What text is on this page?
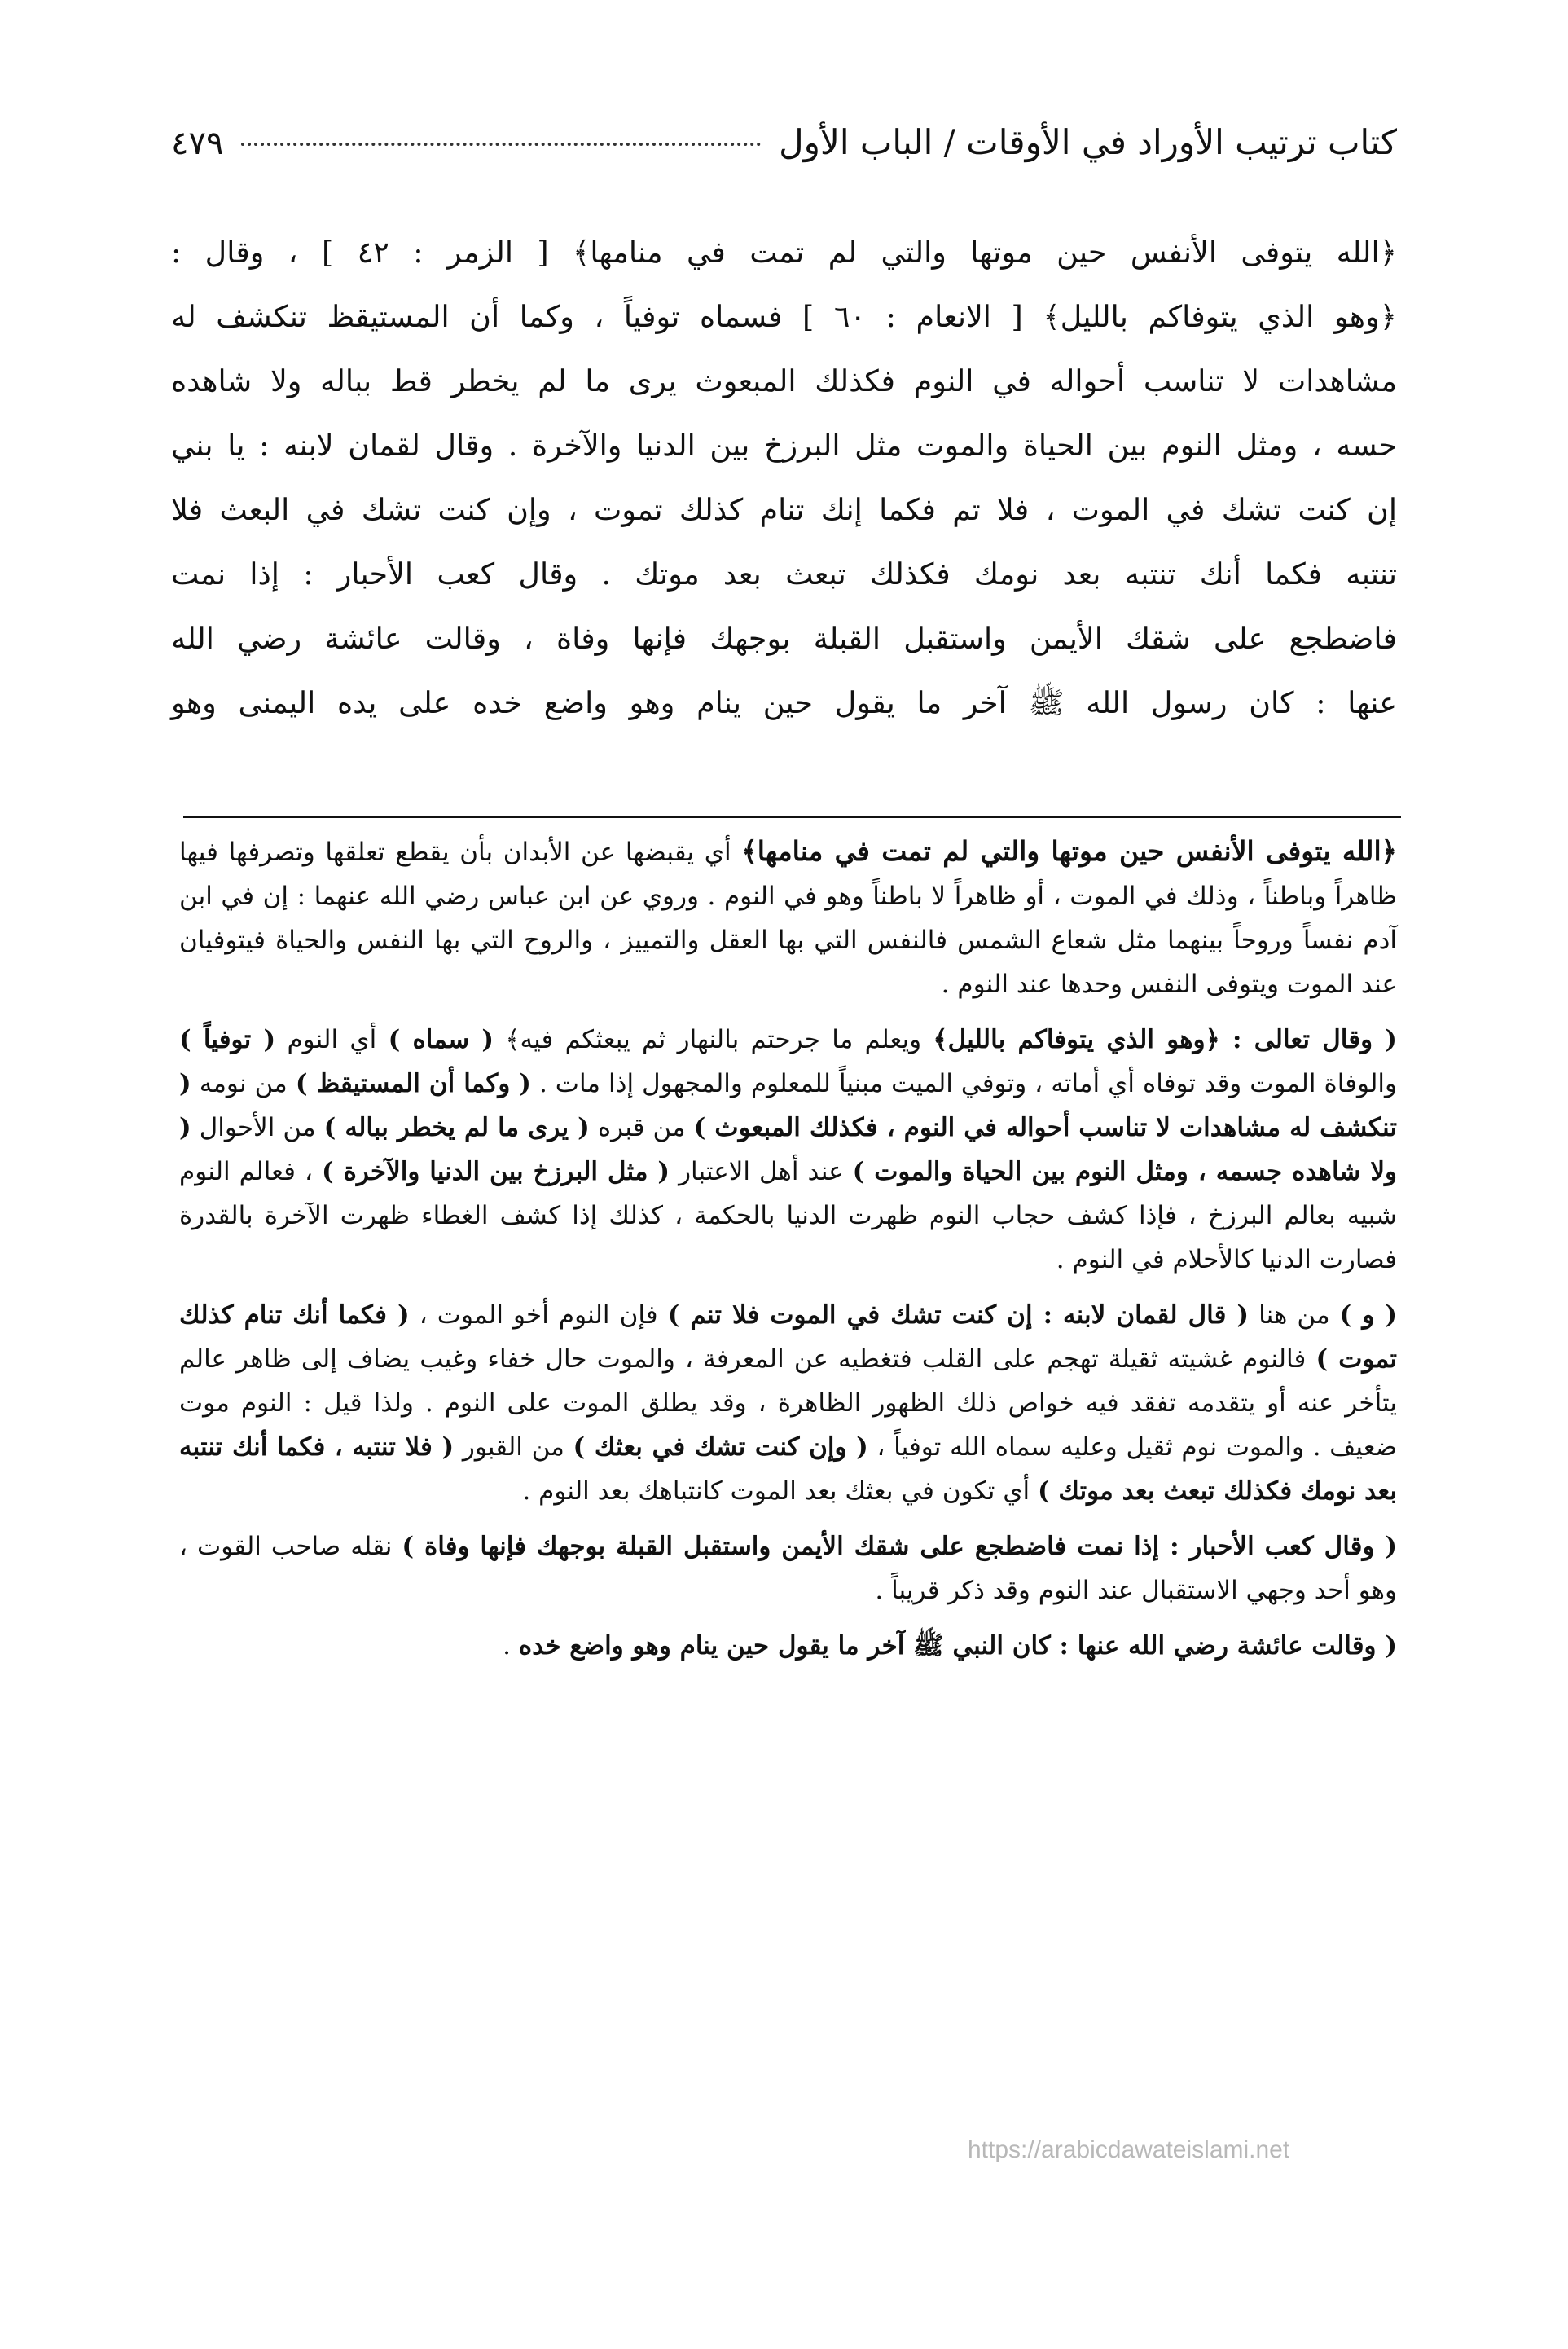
كتاب ترتيب الأوراد في الأوقات / الباب الأول
٤٧٩

﴿الله يتوفى الأنفس حين موتها والتي لم تمت في منامها﴾ [ الزمر : ٤٢ ] ، وقال :

﴿وهو الذي يتوفاكم بالليل﴾ [ الانعام : ٦٠ ] فسماه توفياً ، وكما أن المستيقظ تنكشف له

مشاهدات لا تناسب أحواله في النوم فكذلك المبعوث يرى ما لم يخطر قط بباله ولا شاهده

حسه ، ومثل النوم بين الحياة والموت مثل البرزخ بين الدنيا والآخرة . وقال لقمان لابنه : يا بني

إن كنت تشك في الموت ، فلا تم فكما إنك تنام كذلك تموت ، وإن كنت تشك في البعث فلا

تنتبه فكما أنك تنتبه بعد نومك فكذلك تبعث بعد موتك . وقال كعب الأحبار : إذا نمت

فاضطجع على شقك الأيمن واستقبل القبلة بوجهك فإنها وفاة ، وقالت عائشة رضي الله

عنها : كان رسول الله ﷺ آخر ما يقول حين ينام وهو واضع خده على يده اليمنى وهو

﴿الله يتوفى الأنفس حين موتها والتي لم تمت في منامها﴾ أي يقبضها عن الأبدان بأن يقطع تعلقها وتصرفها فيها ظاهراً وباطناً ، وذلك في الموت ، أو ظاهراً لا باطناً وهو في النوم . وروي عن ابن عباس رضي الله عنهما : إن في ابن آدم نفساً وروحاً بينهما مثل شعاع الشمس فالنفس التي بها العقل والتمييز ، والروح التي بها النفس والحياة فيتوفيان عند الموت ويتوفى النفس وحدها عند النوم .

( وقال تعالى : ﴿وهو الذي يتوفاكم بالليل﴾ ويعلم ما جرحتم بالنهار ثم يبعثكم فيه﴾ ( سماه ) أي النوم ( توفياً ) والوفاة الموت وقد توفاه أي أماته ، وتوفي الميت مبنياً للمعلوم والمجهول إذا مات . ( وكما أن المستيقظ ) من نومه ( تنكشف له مشاهدات لا تناسب أحواله في النوم ، فكذلك المبعوث ) من قبره ( يرى ما لم يخطر بباله ) من الأحوال ( ولا شاهده جسمه ، ومثل النوم بين الحياة والموت ) عند أهل الاعتبار ( مثل البرزخ بين الدنيا والآخرة ) ، فعالم النوم شبيه بعالم البرزخ ، فإذا كشف حجاب النوم ظهرت الدنيا بالحكمة ، كذلك إذا كشف الغطاء ظهرت الآخرة بالقدرة فصارت الدنيا كالأحلام في النوم .

( و ) من هنا ( قال لقمان لابنه : إن كنت تشك في الموت فلا تنم ) فإن النوم أخو الموت ، ( فكما أنك تنام كذلك تموت ) فالنوم غشيته ثقيلة تهجم على القلب فتغطيه عن المعرفة ، والموت حال خفاء وغيب يضاف إلى ظاهر عالم يتأخر عنه أو يتقدمه تفقد فيه خواص ذلك الظهور الظاهرة ، وقد يطلق الموت على النوم . ولذا قيل : النوم موت ضعيف . والموت نوم ثقيل وعليه سماه الله توفياً ، ( وإن كنت تشك في بعثك ) من القبور ( فلا تنتبه ، فكما أنك تنتبه بعد نومك فكذلك تبعث بعد موتك ) أي تكون في بعثك بعد الموت كانتباهك بعد النوم .

( وقال كعب الأحبار : إذا نمت فاضطجع على شقك الأيمن واستقبل القبلة بوجهك فإنها وفاة ) نقله صاحب القوت ، وهو أحد وجهي الاستقبال عند النوم وقد ذكر قريباً .

( وقالت عائشة رضي الله عنها : كان النبي ﷺ آخر ما يقول حين ينام وهو واضع خده .

https://arabicdawateislami.net
